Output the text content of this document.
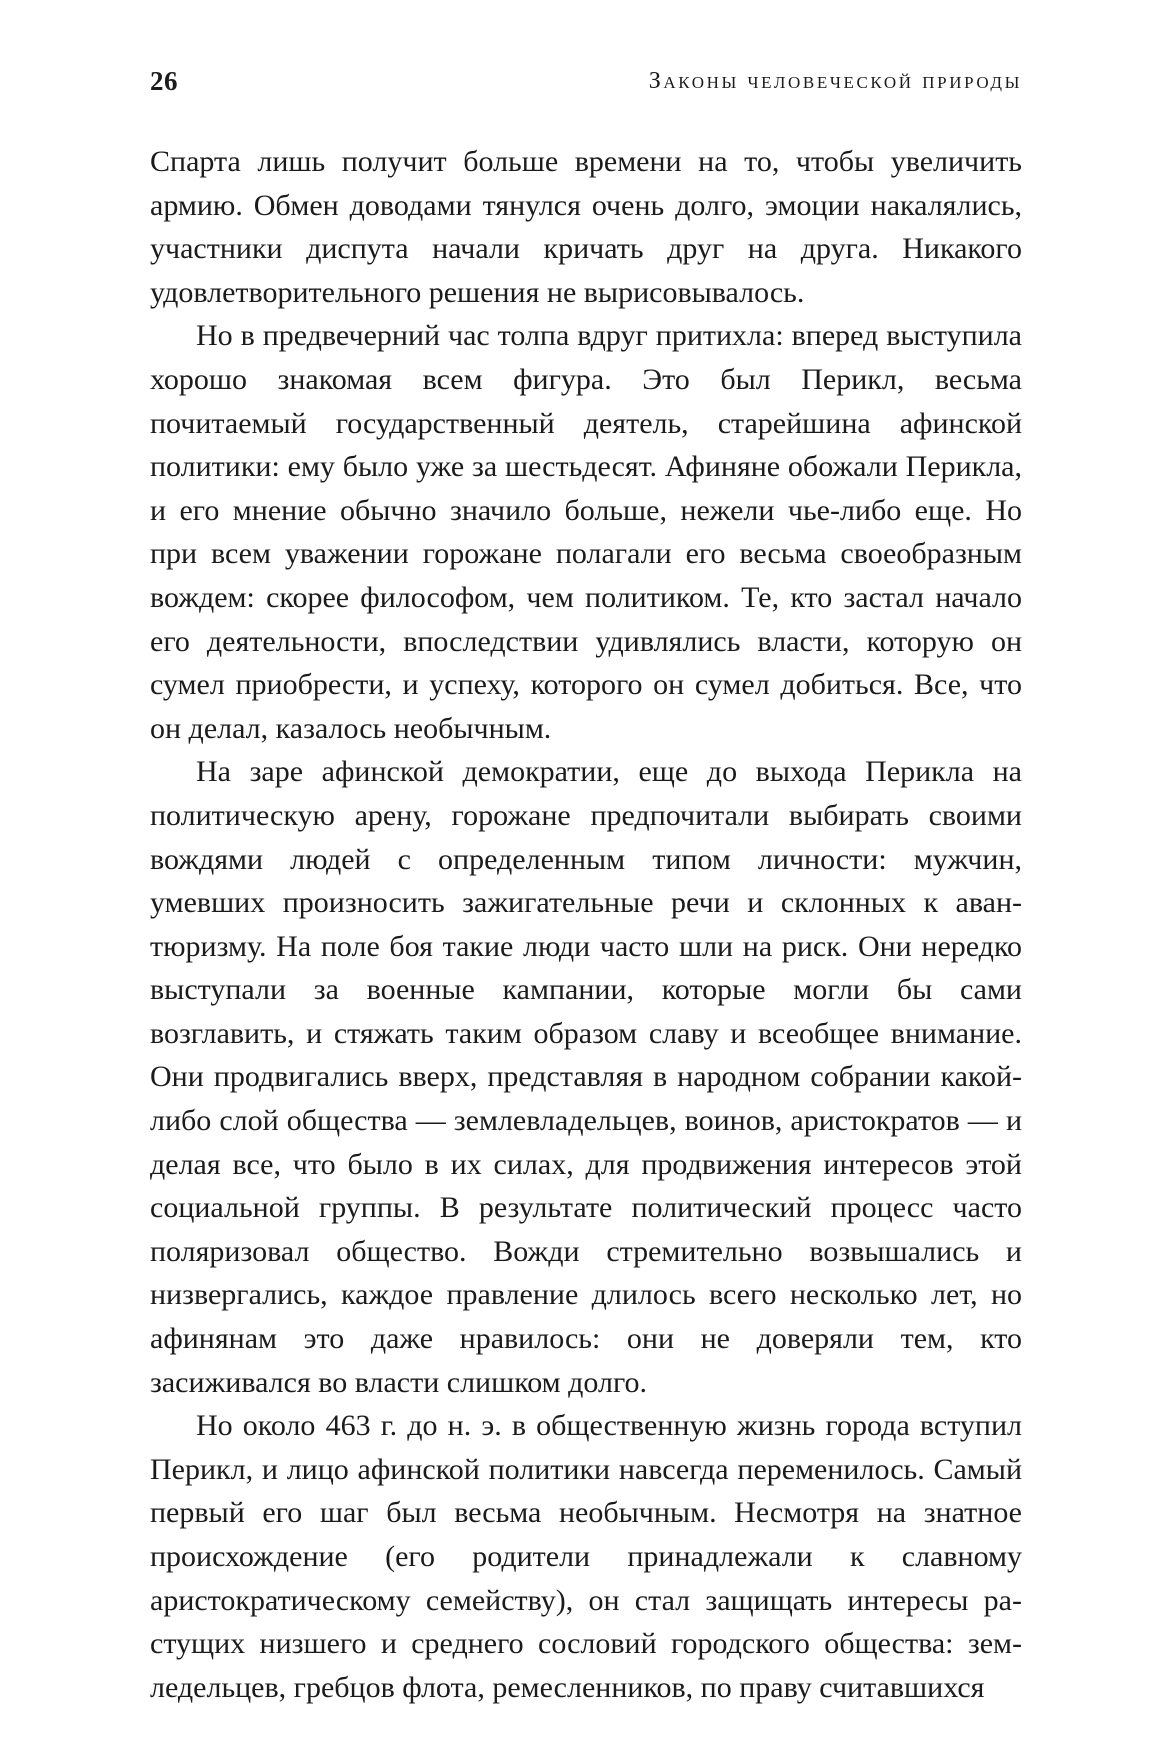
26	Законы человеческой природы

Спарта лишь получит больше времени на то, чтобы увеличить армию. Обмен доводами тянулся очень долго, эмоции накалялись, участники диспута начали кричать друг на друга. Никакого удовлетворительного решения не вырисовывалось.

Но в предвечерний час толпа вдруг притихла: вперед выступила хорошо знакомая всем фигура. Это был Перикл, весьма почитаемый государственный деятель, старейшина афинской политики: ему было уже за шестьдесят. Афиняне обожали Перикла, и его мнение обычно значило больше, нежели чье-либо еще. Но при всем уважении горожане полагали его весьма своеобразным вождем: скорее философом, чем политиком. Те, кто застал начало его деятельности, впоследствии удивлялись власти, которую он сумел приобрести, и успеху, которого он сумел добиться. Все, что он делал, казалось необычным.

На заре афинской демократии, еще до выхода Перикла на политическую арену, горожане предпочитали выбирать своими вождями людей с определенным типом личности: мужчин, умевших произносить зажигательные речи и склонных к авантюризму. На поле боя такие люди часто шли на риск. Они нередко выступали за военные кампании, которые могли бы сами возглавить, и стяжать таким образом славу и всеобщее внимание. Они продвигались вверх, представляя в народном собрании какой-либо слой общества — землевладельцев, воинов, аристократов — и делая все, что было в их силах, для продвижения интересов этой социальной группы. В результате политический процесс часто поляризовал общество. Вожди стремительно возвышались и низвергались, каждое правление длилось всего несколько лет, но афинянам это даже нравилось: они не доверяли тем, кто засиживался во власти слишком долго.

Но около 463 г. до н. э. в общественную жизнь города вступил Перикл, и лицо афинской политики навсегда переменилось. Самый первый его шаг был весьма необычным. Несмотря на знатное происхождение (его родители принадлежали к славному аристократическому семейству), он стал защищать интересы растущих низшего и среднего сословий городского общества: земледельцев, гребцов флота, ремесленников, по праву считавшихся
